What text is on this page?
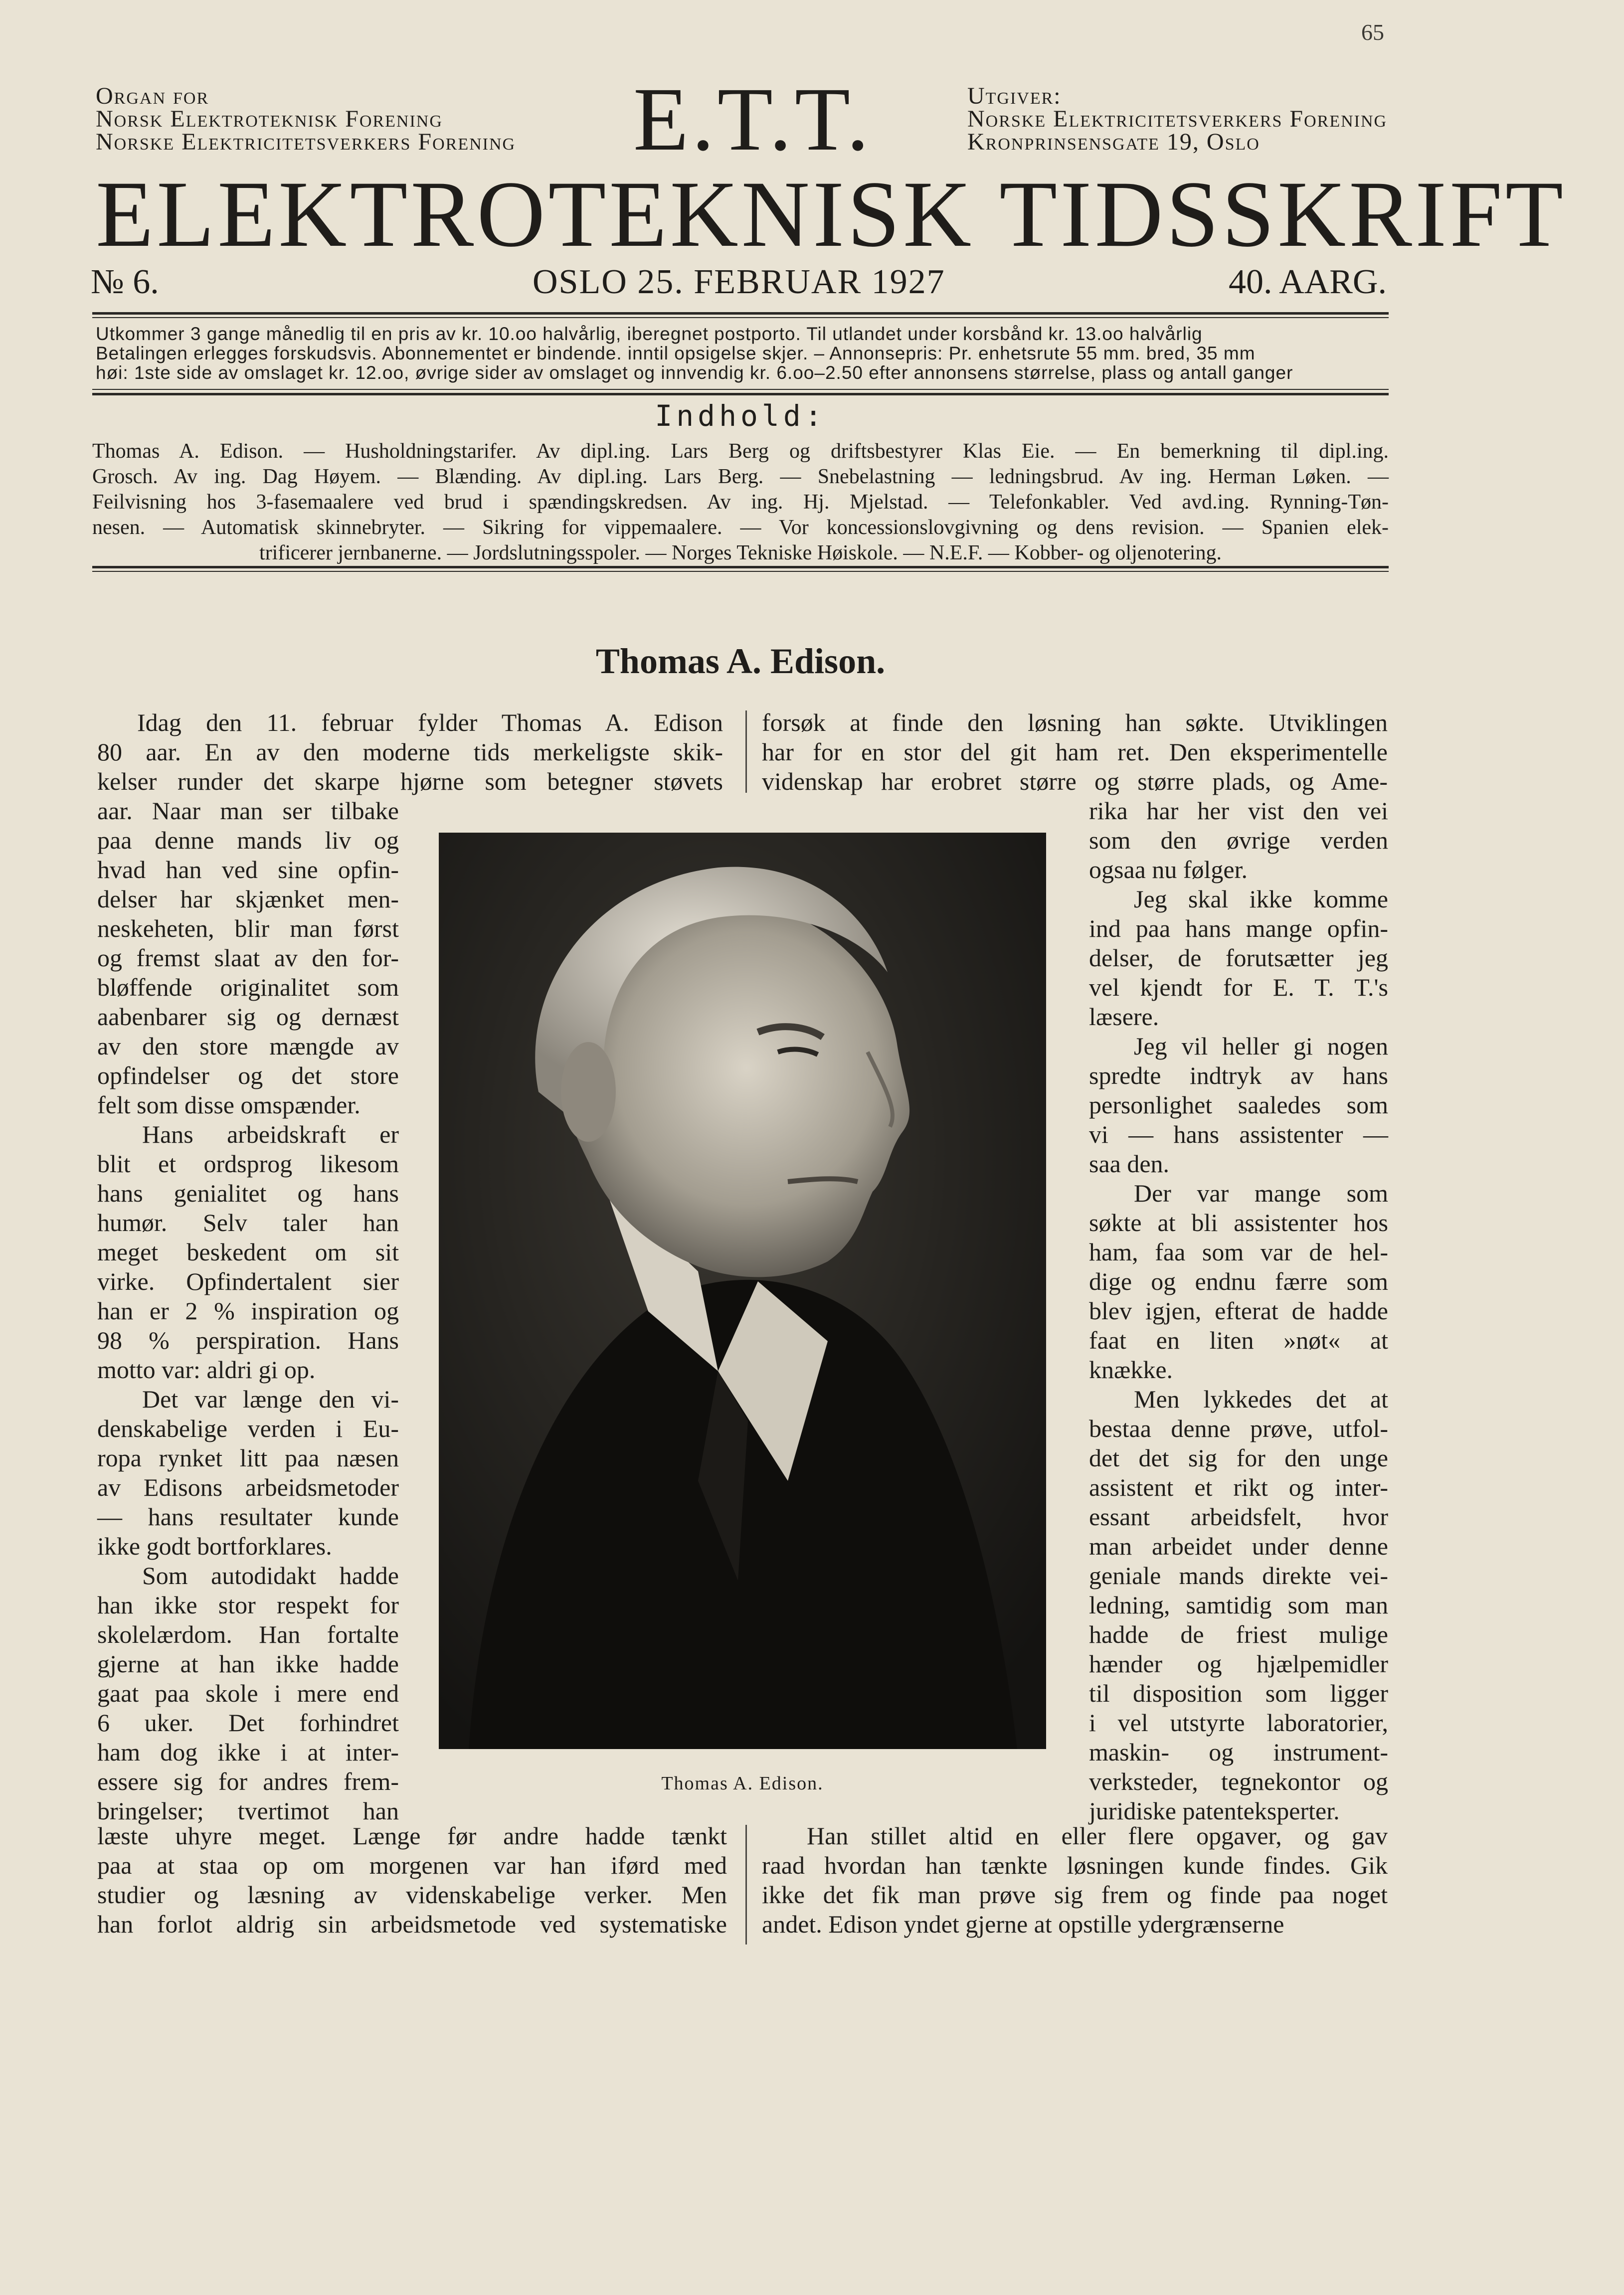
65
Organ for
Norsk Elektroteknisk Forening
Norske Elektricitetsverkers Forening E.T.T.	Utgiver:
Norske Elektricitetsverkers Forening
Kronprinsensgate 19, Oslo
ELEKTROTEKNISK TIDSSKRIFT
№ 6.	OSLO 25. FEBRUAR 1927	40. AARG.
Utkommer 3 gange månedlig til en pris av kr. 10.oo halvårlig, iberegnet postporto. Til utlandet under korsbånd kr. 13.oo halvårlig
Betalingen erlegges forskudsvis. Abonnementet er bindende. inntil opsigelse skjer. – Annonsepris: Pr. enhetsrute 55 mm. bred, 35 mm
høi: 1ste side av omslaget kr. 12.oo, øvrige sider av omslaget og innvendig kr. 6.oo–2.50 efter annonsens størrelse, plass og antall ganger
Indhold:
Thomas A. Edison. — Husholdningstarifer. Av dipl.ing. Lars Berg og driftsbestyrer Klas Eie. — En bemerkning til dipl.ing.
Grosch. Av ing. Dag Høyem. — Blænding. Av dipl.ing. Lars Berg. — Snebelastning — ledningsbrud. Av ing. Herman Løken. —
Feilvisning hos 3-fasemaalere ved brud i spændingskredsen. Av ing. Hj. Mjelstad. — Telefonkabler. Ved avd.ing. Rynning-Tøn-
nesen. — Automatisk skinnebryter. — Sikring for vippemaalere. — Vor koncessionslovgivning og dens revision. — Spanien elek-
trificerer jernbanerne. — Jordslutningsspoler. — Norges Tekniske Høiskole. — N.E.F. — Kobber- og oljenotering.
Thomas A. Edison.

Idag den 11. februar fylder Thomas A. Edison

80 aar. En av den moderne tids merkeligste skik-

kelser runder det skarpe hjørne som betegner støvets

forsøk at finde den løsning han søkte. Utviklingen

har for en stor del git ham ret. Den eksperimentelle

videnskap har erobret større og større plads, og Ame-

aar. Naar man ser tilbake

paa denne mands liv og

hvad han ved sine opfin-

delser har skjænket men-

neskeheten, blir man først

og fremst slaat av den for-

bløffende originalitet som

aabenbarer sig og dernæst

av den store mængde av

opfindelser og det store

felt som disse omspænder.

Hans arbeidskraft er

blit et ordsprog likesom

hans genialitet og hans

humør. Selv taler han

meget beskedent om sit

virke. Opfindertalent sier

han er 2 % inspiration og

98 % perspiration. Hans

motto var: aldri gi op.

Det var længe den vi-

denskabelige verden i Eu-

ropa rynket litt paa næsen

av Edisons arbeidsmetoder

— hans resultater kunde

ikke godt bortforklares.

Som autodidakt hadde

han ikke stor respekt for

skolelærdom. Han fortalte

gjerne at han ikke hadde

gaat paa skole i mere end

6 uker. Det forhindret

ham dog ikke i at inter-

essere sig for andres frem-

bringelser; tvertimot han

Thomas A. Edison.

rika har her vist den vei

som den øvrige verden

ogsaa nu følger.

Jeg skal ikke komme

ind paa hans mange opfin-

delser, de forutsætter jeg

vel kjendt for E. T. T.'s

læsere.

Jeg vil heller gi nogen

spredte indtryk av hans

personlighet saaledes som

vi — hans assistenter —

saa den.

Der var mange som

søkte at bli assistenter hos

ham, faa som var de hel-

dige og endnu færre som

blev igjen, efterat de hadde

faat en liten »nøt« at

knække.

Men lykkedes det at

bestaa denne prøve, utfol-

det det sig for den unge

assistent et rikt og inter-

essant arbeidsfelt, hvor

man arbeidet under denne

geniale mands direkte vei-

ledning, samtidig som man

hadde de friest mulige

hænder og hjælpemidler

til disposition som ligger

i vel utstyrte laboratorier,

maskin- og instrument-

verksteder, tegnekontor og

juridiske patenteksperter.

læste uhyre meget. Længe før andre hadde tænkt

paa at staa op om morgenen var han iførd med

studier og læsning av videnskabelige verker. Men

han forlot aldrig sin arbeidsmetode ved systematiske

Han stillet altid en eller flere opgaver, og gav

raad hvordan han tænkte løsningen kunde findes. Gik

ikke det fik man prøve sig frem og finde paa noget

andet. Edison yndet gjerne at opstille ydergrænserne
